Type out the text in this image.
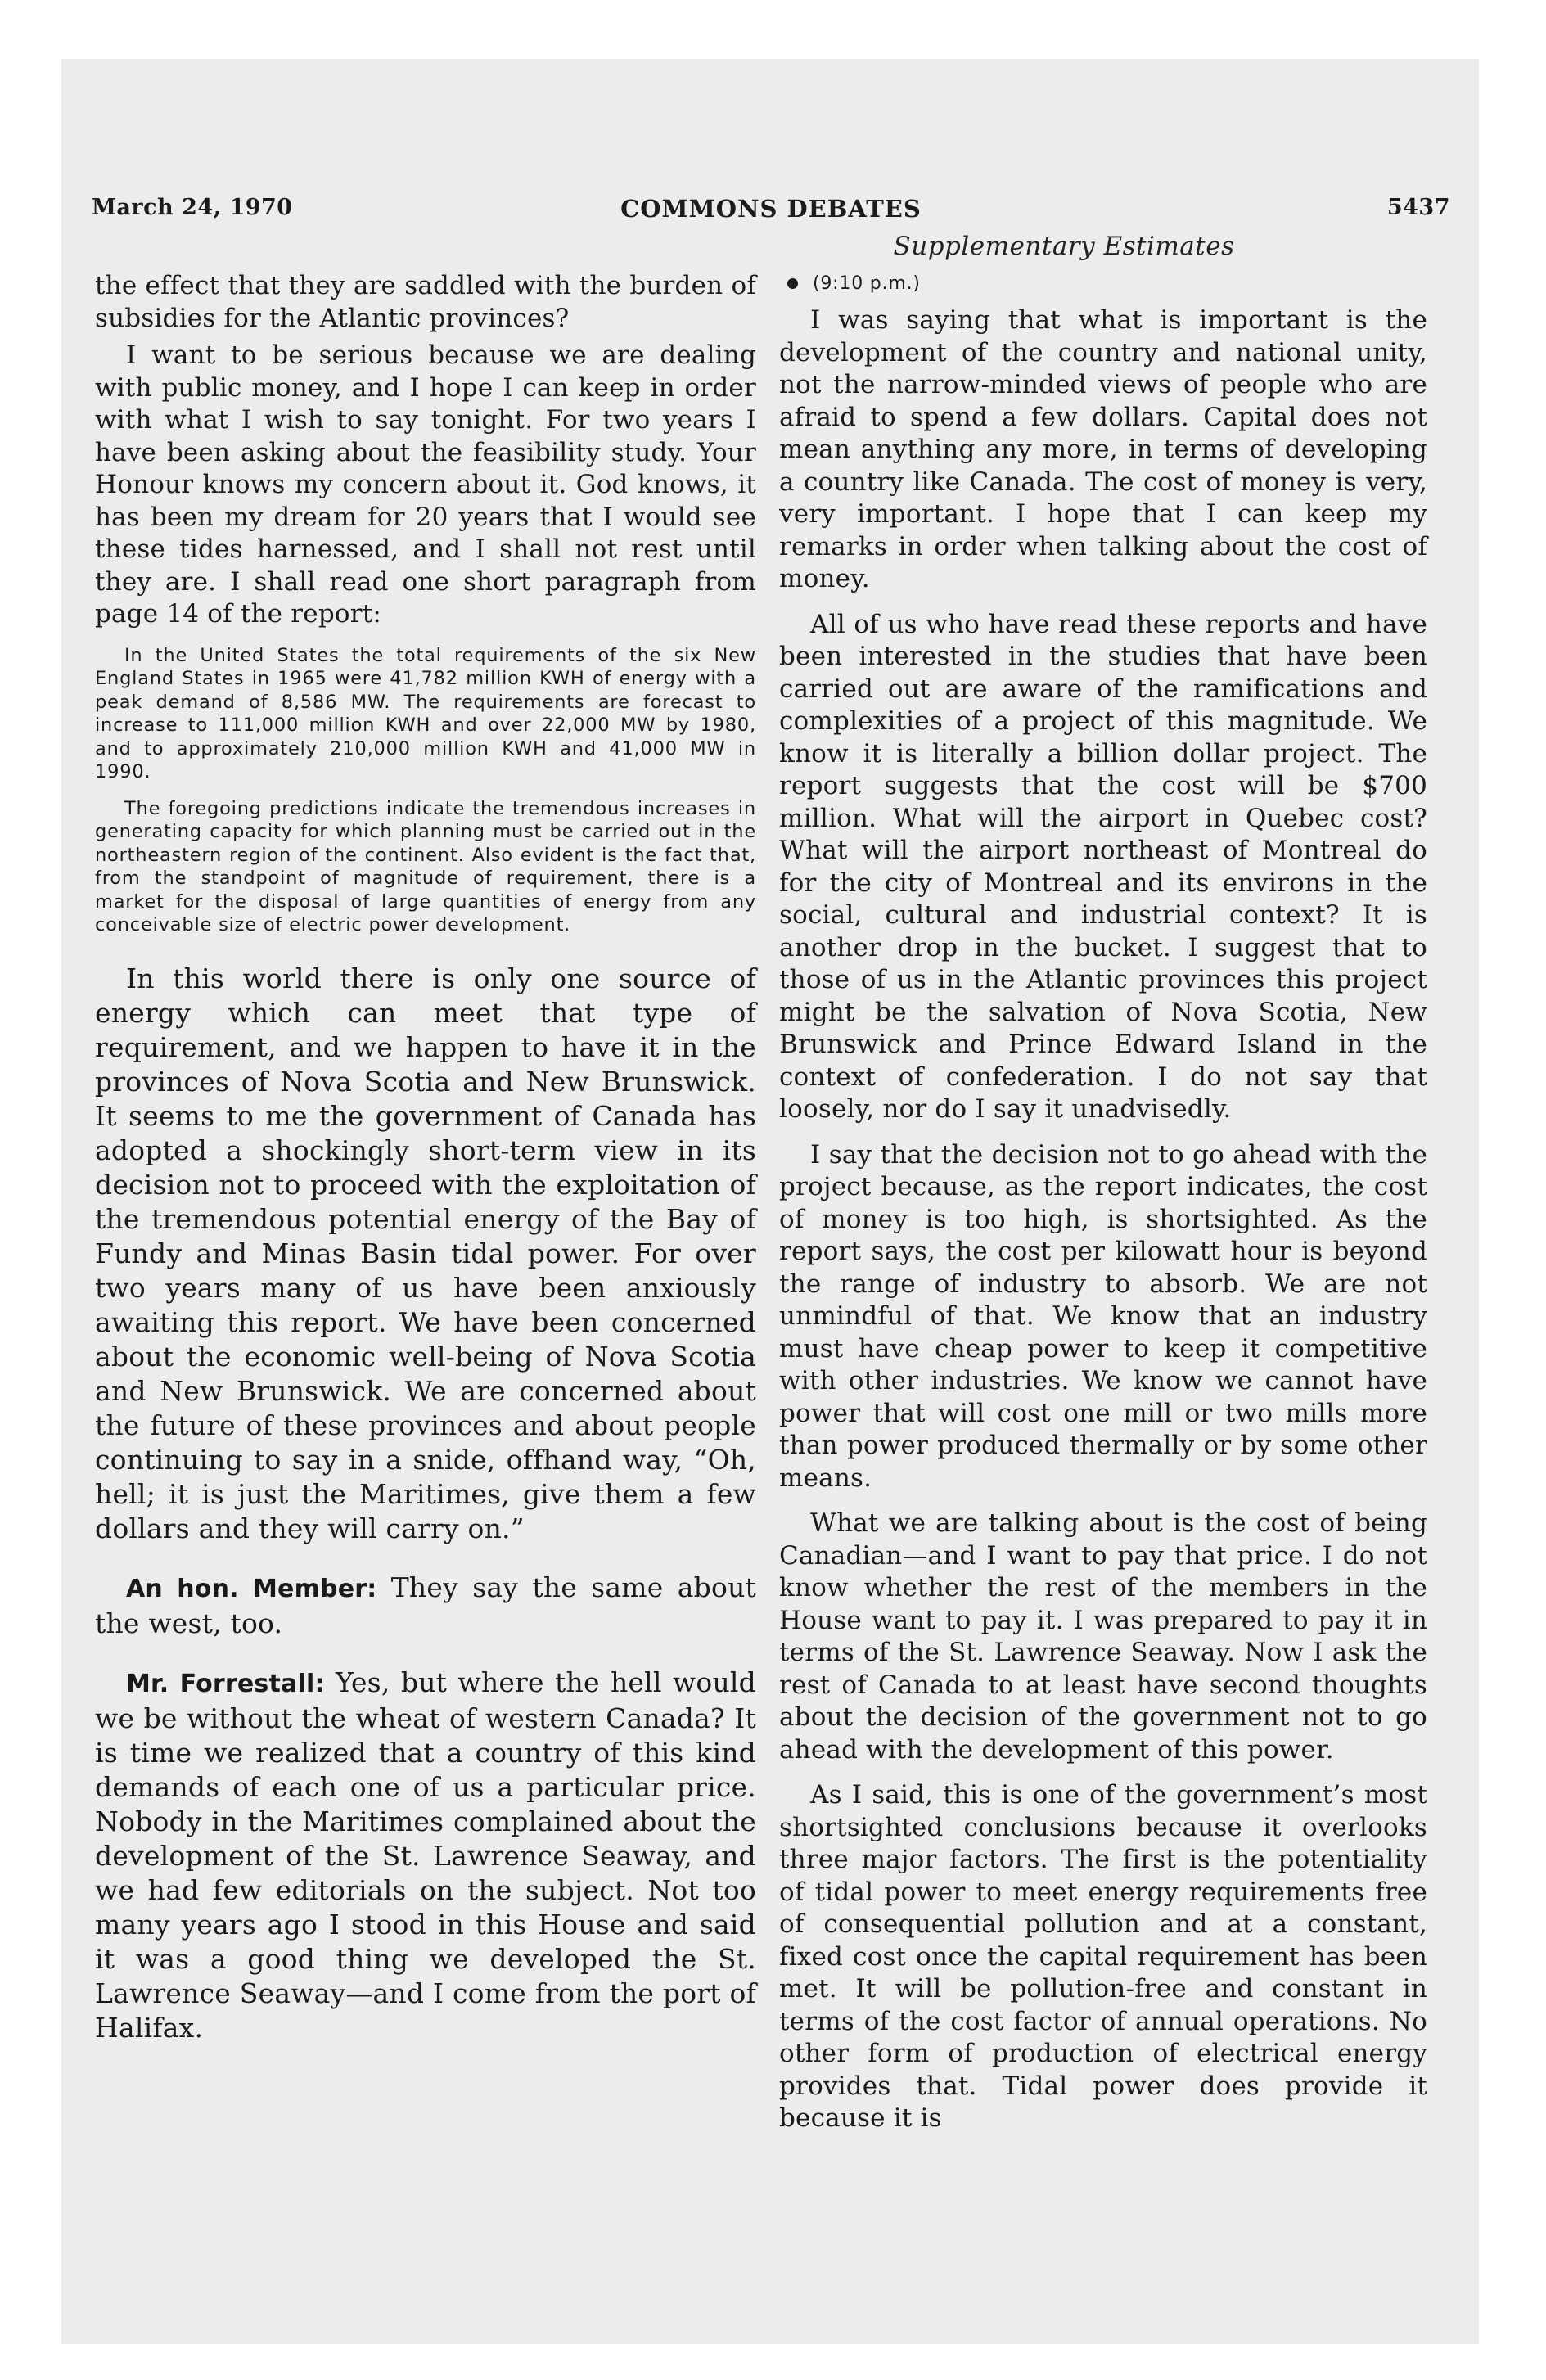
March 24, 1970	COMMONS DEBATES	5437
Supplementary Estimates

the effect that they are saddled with the burden of subsidies for the Atlantic provinces?

I want to be serious because we are dealing with public money, and I hope I can keep in order with what I wish to say tonight. For two years I have been asking about the feasibility study. Your Honour knows my concern about it. God knows, it has been my dream for 20 years that I would see these tides harnessed, and I shall not rest until they are. I shall read one short paragraph from page 14 of the report:

In the United States the total requirements of the six New England States in 1965 were 41,782 million KWH of energy with a peak demand of 8,586 MW. The requirements are forecast to increase to 111,000 million KWH and over 22,000 MW by 1980, and to approximately 210,000 million KWH and 41,000 MW in 1990.

The foregoing predictions indicate the tremendous increases in generating capacity for which planning must be carried out in the northeastern region of the continent. Also evident is the fact that, from the standpoint of magnitude of requirement, there is a market for the disposal of large quantities of energy from any conceivable size of electric power development.

In this world there is only one source of energy which can meet that type of requirement, and we happen to have it in the provinces of Nova Scotia and New Brunswick. It seems to me the government of Canada has adopted a shockingly short-term view in its decision not to proceed with the exploitation of the tremendous potential energy of the Bay of Fundy and Minas Basin tidal power. For over two years many of us have been anxiously awaiting this report. We have been concerned about the economic well-being of Nova Scotia and New Brunswick. We are concerned about the future of these provinces and about people continuing to say in a snide, offhand way, “Oh, hell; it is just the Maritimes, give them a few dollars and they will carry on.”

An hon. Member: They say the same about the west, too.

Mr. Forrestall: Yes, but where the hell would we be without the wheat of western Canada? It is time we realized that a country of this kind demands of each one of us a particular price. Nobody in the Maritimes complained about the development of the St. Lawrence Seaway, and we had few editorials on the subject. Not too many years ago I stood in this House and said it was a good thing we developed the St. Lawrence Seaway—and I come from the port of Halifax.

(9:10 p.m.)

I was saying that what is important is the development of the country and national unity, not the narrow-minded views of people who are afraid to spend a few dollars. Capital does not mean anything any more, in terms of developing a country like Canada. The cost of money is very, very important. I hope that I can keep my remarks in order when talking about the cost of money.

All of us who have read these reports and have been interested in the studies that have been carried out are aware of the ramifications and complexities of a project of this magnitude. We know it is literally a billion dollar project. The report suggests that the cost will be $700 million. What will the airport in Quebec cost? What will the airport northeast of Montreal do for the city of Montreal and its environs in the social, cultural and industrial context? It is another drop in the bucket. I suggest that to those of us in the Atlantic provinces this project might be the salvation of Nova Scotia, New Brunswick and Prince Edward Island in the context of confederation. I do not say that loosely, nor do I say it unadvisedly.

I say that the decision not to go ahead with the project because, as the report indicates, the cost of money is too high, is shortsighted. As the report says, the cost per kilowatt hour is beyond the range of industry to absorb. We are not unmindful of that. We know that an industry must have cheap power to keep it competitive with other industries. We know we cannot have power that will cost one mill or two mills more than power produced thermally or by some other means.

What we are talking about is the cost of being Canadian—and I want to pay that price. I do not know whether the rest of the members in the House want to pay it. I was prepared to pay it in terms of the St. Lawrence Seaway. Now I ask the rest of Canada to at least have second thoughts about the decision of the government not to go ahead with the development of this power.

As I said, this is one of the government’s most shortsighted conclusions because it overlooks three major factors. The first is the potentiality of tidal power to meet energy requirements free of consequential pollution and at a constant, fixed cost once the capital requirement has been met. It will be pollution-free and constant in terms of the cost factor of annual operations. No other form of production of electrical energy provides that. Tidal power does provide it because it is
